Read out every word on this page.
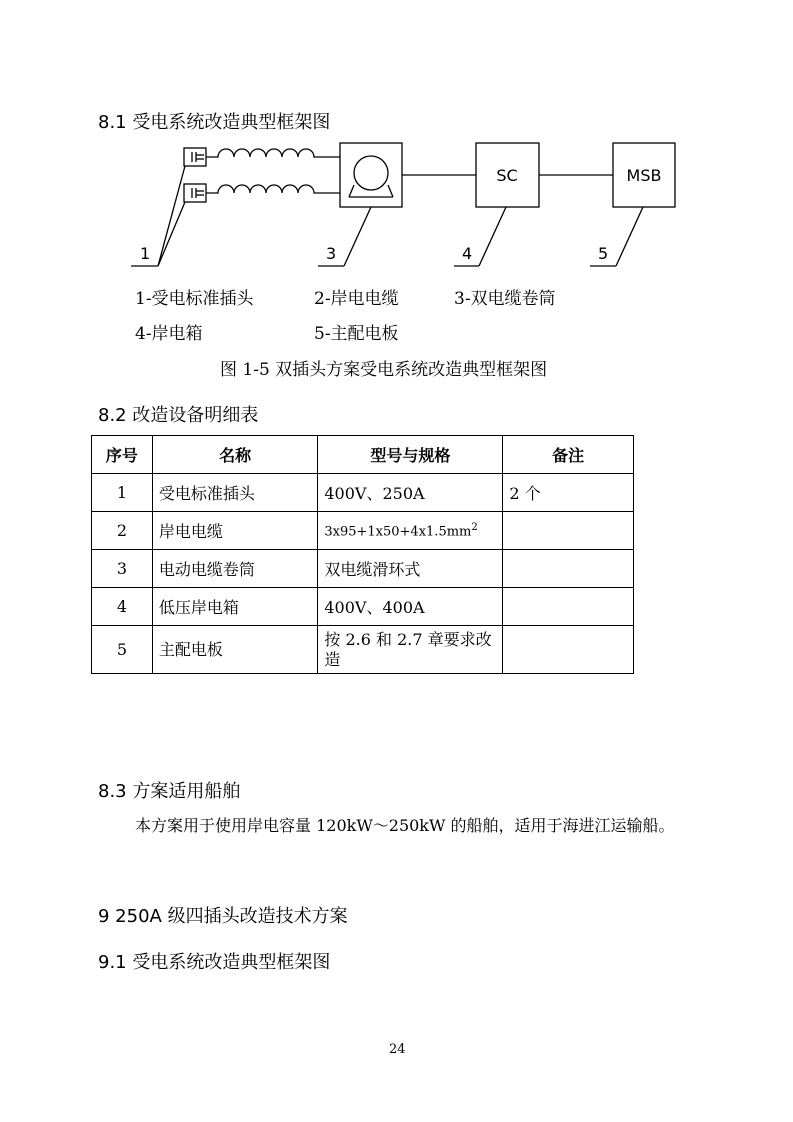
8.1 受电系统改造典型框架图
SC	MSB
1	3	4	5
1-受电标准插头	2-岸电电缆	3-双电缆卷筒
4-岸电箱	5-主配电板
图 1-5 双插头方案受电系统改造典型框架图
8.2 改造设备明细表
序号	名称	型号与规格	备注
1	受电标准插头	400V、250A	2 个
2	岸电电缆	$3x95+1x50+4x1.5mm^2$	
3	电动电缆卷筒	双电缆滑环式	
4	低压岸电箱	400V、400A	
5	主配电板	按 2.6 和 2.7 章要求改造	

8.3 方案适用船舶
本方案用于使用岸电容量 120kW～250kW 的船舶，适用于海进江运输船。
9 250A 级四插头改造技术方案
9.1 受电系统改造典型框架图
24
